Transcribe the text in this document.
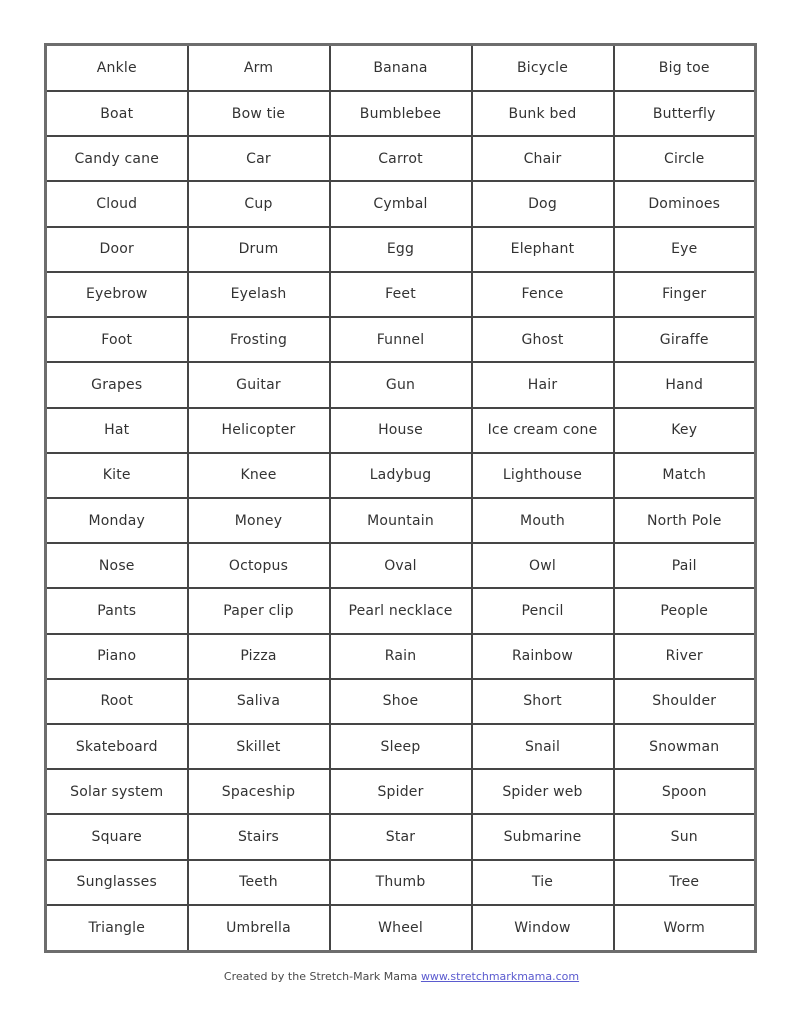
Ankle	Arm	Banana	Bicycle	Big toe
Boat	Bow tie	Bumblebee	Bunk bed	Butterfly
Candy cane	Car	Carrot	Chair	Circle
Cloud	Cup	Cymbal	Dog	Dominoes
Door	Drum	Egg	Elephant	Eye
Eyebrow	Eyelash	Feet	Fence	Finger
Foot	Frosting	Funnel	Ghost	Giraffe
Grapes	Guitar	Gun	Hair	Hand
Hat	Helicopter	House	Ice cream cone	Key
Kite	Knee	Ladybug	Lighthouse	Match
Monday	Money	Mountain	Mouth	North Pole
Nose	Octopus	Oval	Owl	Pail
Pants	Paper clip	Pearl necklace	Pencil	People
Piano	Pizza	Rain	Rainbow	River
Root	Saliva	Shoe	Short	Shoulder
Skateboard	Skillet	Sleep	Snail	Snowman
Solar system	Spaceship	Spider	Spider web	Spoon
Square	Stairs	Star	Submarine	Sun
Sunglasses	Teeth	Thumb	Tie	Tree
Triangle	Umbrella	Wheel	Window	Worm
Created by the Stretch-Mark Mama www.stretchmarkmama.com
